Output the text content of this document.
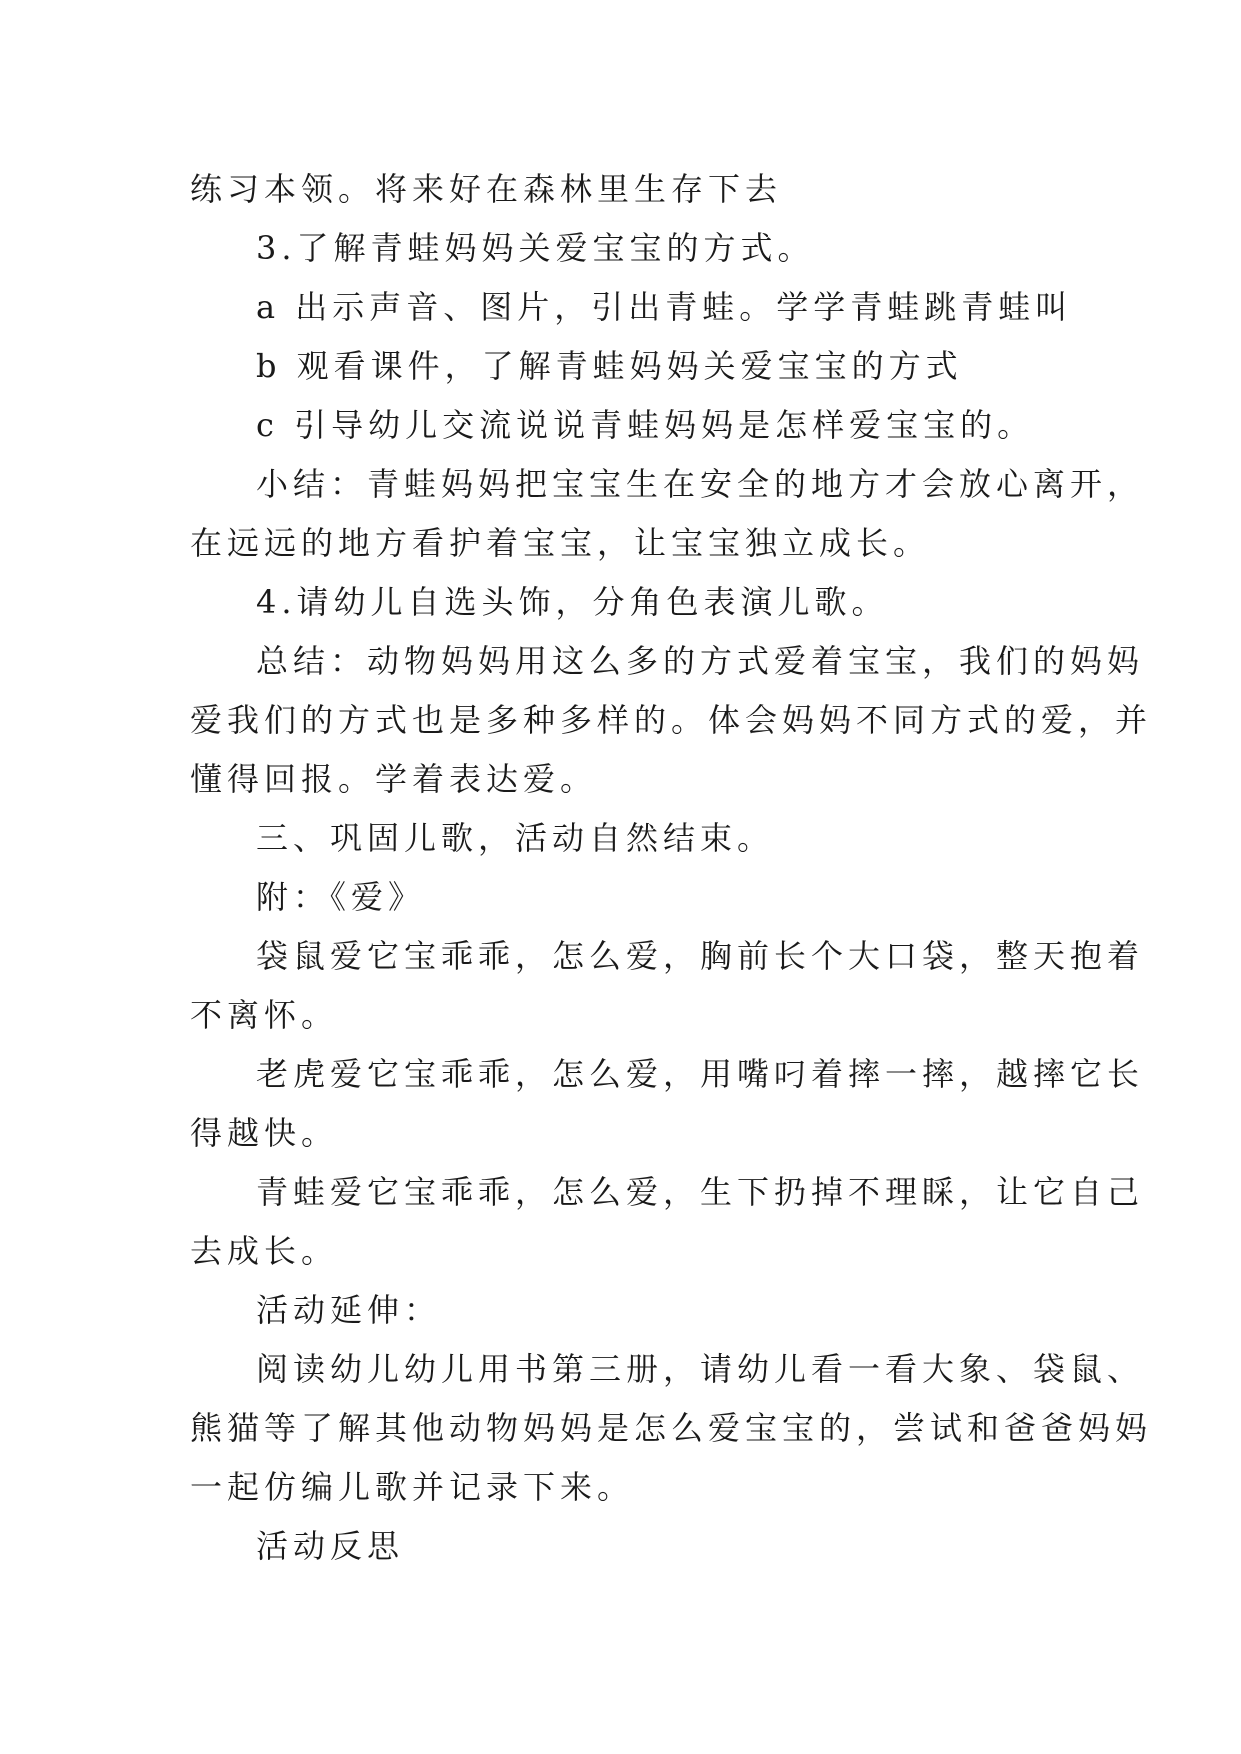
练习本领。将来好在森林里生存下去
3.了解青蛙妈妈关爱宝宝的方式。
a 出示声音、图片，引出青蛙。学学青蛙跳青蛙叫
b 观看课件，了解青蛙妈妈关爱宝宝的方式
c 引导幼儿交流说说青蛙妈妈是怎样爱宝宝的。
小结：青蛙妈妈把宝宝生在安全的地方才会放心离开，
在远远的地方看护着宝宝，让宝宝独立成长。
4.请幼儿自选头饰，分角色表演儿歌。
总结：动物妈妈用这么多的方式爱着宝宝，我们的妈妈
爱我们的方式也是多种多样的。体会妈妈不同方式的爱，并
懂得回报。学着表达爱。
三、巩固儿歌，活动自然结束。
附：《爱》
袋鼠爱它宝乖乖，怎么爱，胸前长个大口袋，整天抱着
不离怀。
老虎爱它宝乖乖，怎么爱，用嘴叼着摔一摔，越摔它长
得越快。
青蛙爱它宝乖乖，怎么爱，生下扔掉不理睬，让它自己
去成长。
活动延伸：
阅读幼儿幼儿用书第三册，请幼儿看一看大象、袋鼠、
熊猫等了解其他动物妈妈是怎么爱宝宝的，尝试和爸爸妈妈
一起仿编儿歌并记录下来。
活动反思
